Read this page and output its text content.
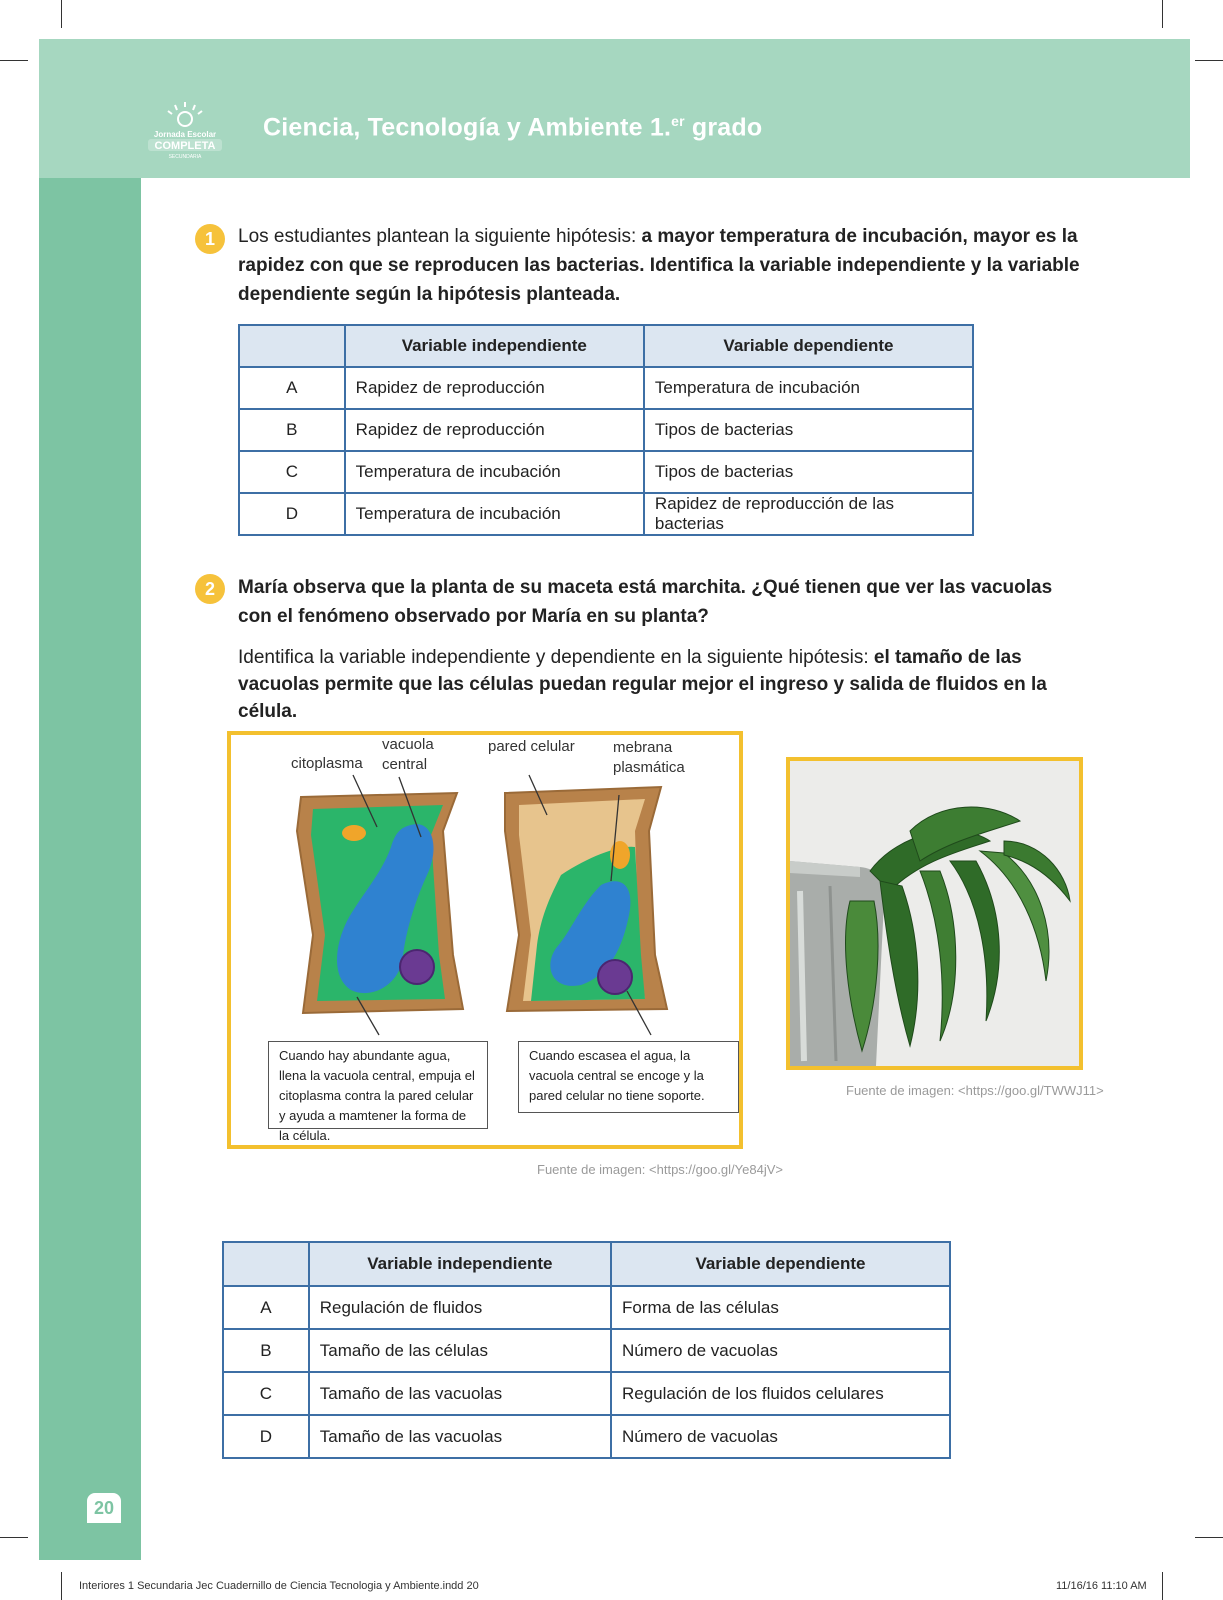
Jornada Escolar
COMPLETA
SECUNDARIA
Ciencia, Tecnología y Ambiente 1.$^{er}$ grado
1	Los estudiantes plantean la siguiente hipótesis: a mayor temperatura de incubación, mayor es la rapidez con que se reproducen las bacterias. Identifica la variable independiente y la variable dependiente según la hipótesis planteada.
	Variable independiente	Variable dependiente
A	Rapidez de reproducción	Temperatura de incubación
B	Rapidez de reproducción	Tipos de bacterias
C	Temperatura de incubación	Tipos de bacterias
D	Temperatura de incubación	Rapidez de reproducción de las bacterias
2	María observa que la planta de su maceta está marchita. ¿Qué tienen que ver las vacuolas con el fenómeno observado por María en su planta?
Identifica la variable independiente y dependiente en la siguiente hipótesis: el tamaño de las vacuolas permite que las células puedan regular mejor el ingreso y salida de fluidos en la célula.
citoplasma
vacuola
central
pared celular	mebrana
plasmática
Cuando hay abundante agua, llena la vacuola central, empuja el citoplasma contra la pared celular y ayuda a mamtener la forma de la célula.
Cuando escasea el agua, la vacuola central se encoge y la pared celular no tiene soporte.
Fuente de imagen: <https://goo.gl/Ye84jV>
Fuente de imagen: <https://goo.gl/TWWJ11>
	Variable independiente	Variable dependiente
A	Regulación de fluidos	Forma de las células
B	Tamaño de las células	Número de vacuolas
C	Tamaño de las vacuolas	Regulación de los fluidos celulares
D	Tamaño de las vacuolas	Número de vacuolas
20
Interiores 1 Secundaria Jec Cuadernillo de Ciencia Tecnologia y Ambiente.indd 20	11/16/16 11:10 AM
